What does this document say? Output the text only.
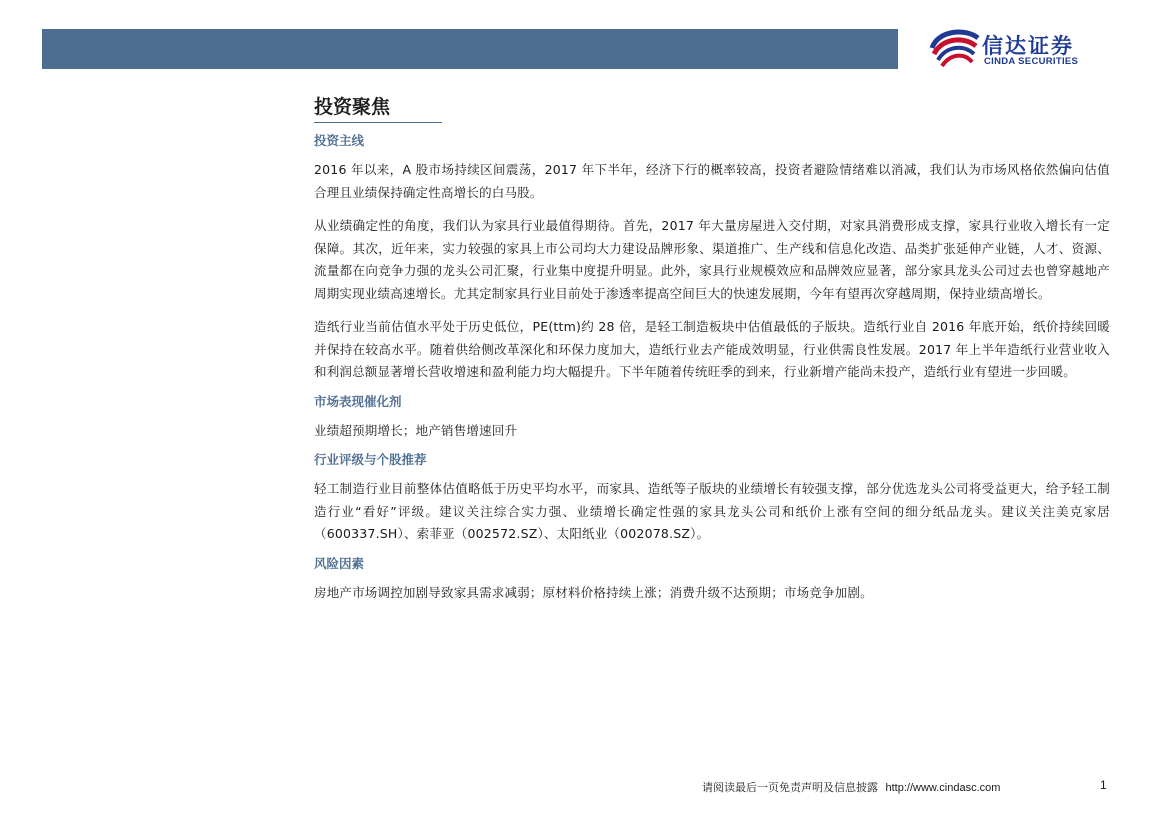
信达证券
CINDA SECURITIES
投资聚焦
投资主线
2016 年以来，A 股市场持续区间震荡，2017 年下半年，经济下行的概率较高，投资者避险情绪难以消减，我们认为市场风格依然偏向估值合理且业绩保持确定性高增长的白马股。
从业绩确定性的角度，我们认为家具行业最值得期待。首先，2017 年大量房屋进入交付期，对家具消费形成支撑，家具行业收入增长有一定保障。其次，近年来，实力较强的家具上市公司均大力建设品牌形象、渠道推广、生产线和信息化改造、品类扩张延伸产业链，人才、资源、流量都在向竞争力强的龙头公司汇聚，行业集中度提升明显。此外，家具行业规模效应和品牌效应显著，部分家具龙头公司过去也曾穿越地产周期实现业绩高速增长。尤其定制家具行业目前处于渗透率提高空间巨大的快速发展期，今年有望再次穿越周期，保持业绩高增长。
造纸行业当前估值水平处于历史低位，PE(ttm)约 28 倍，是轻工制造板块中估值最低的子版块。造纸行业自 2016 年底开始，纸价持续回暖并保持在较高水平。随着供给侧改革深化和环保力度加大，造纸行业去产能成效明显，行业供需良性发展。2017 年上半年造纸行业营业收入和利润总额显著增长营收增速和盈利能力均大幅提升。下半年随着传统旺季的到来，行业新增产能尚未投产，造纸行业有望进一步回暖。
市场表现催化剂
业绩超预期增长；地产销售增速回升
行业评级与个股推荐
轻工制造行业目前整体估值略低于历史平均水平，而家具、造纸等子版块的业绩增长有较强支撑，部分优选龙头公司将受益更大，给予轻工制造行业“看好”评级。建议关注综合实力强、业绩增长确定性强的家具龙头公司和纸价上涨有空间的细分纸品龙头。建议关注美克家居（600337.SH）、索菲亚（002572.SZ）、太阳纸业（002078.SZ）。
风险因素
房地产市场调控加剧导致家具需求减弱；原材料价格持续上涨；消费升级不达预期；市场竞争加剧。
请阅读最后一页免责声明及信息披露 http://www.cindasc.com	1
